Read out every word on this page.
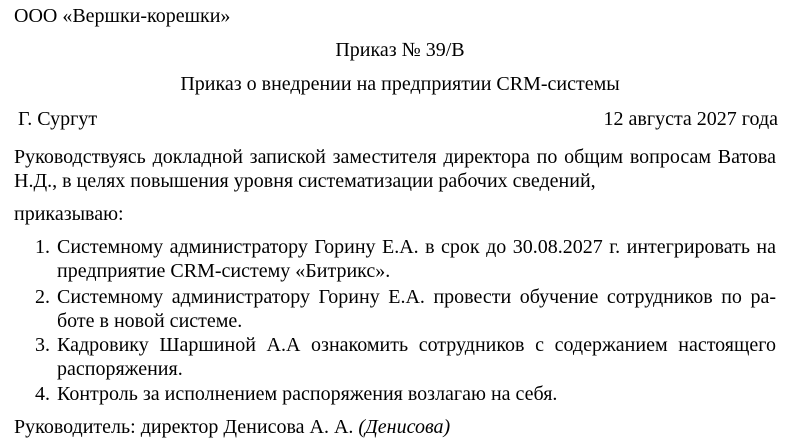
ООО «Вершки-корешки»
Приказ № 39/В
Приказ о внедрении на предприятии CRM-системы
Г. Сургут	12 августа 2027 года
Руководствуясь докладной запиской заместителя директора по общим вопросам Ватова
Н.Д., в целях повышения уровня систематизации рабочих сведений,
приказываю:
1. Системному администратору Горину Е.А. в срок до 30.08.2027 г. интегрировать на
предприятие CRM-систему «Битрикс».
2. Системному администратору Горину Е.А. провести обучение сотрудников по ра-
боте в новой системе.
3. Кадровику Шаршиной А.А ознакомить сотрудников с содержанием настоящего
распоряжения.
4. Контроль за исполнением распоряжения возлагаю на себя.
Руководитель: директор Денисова А. А. (Денисова)
